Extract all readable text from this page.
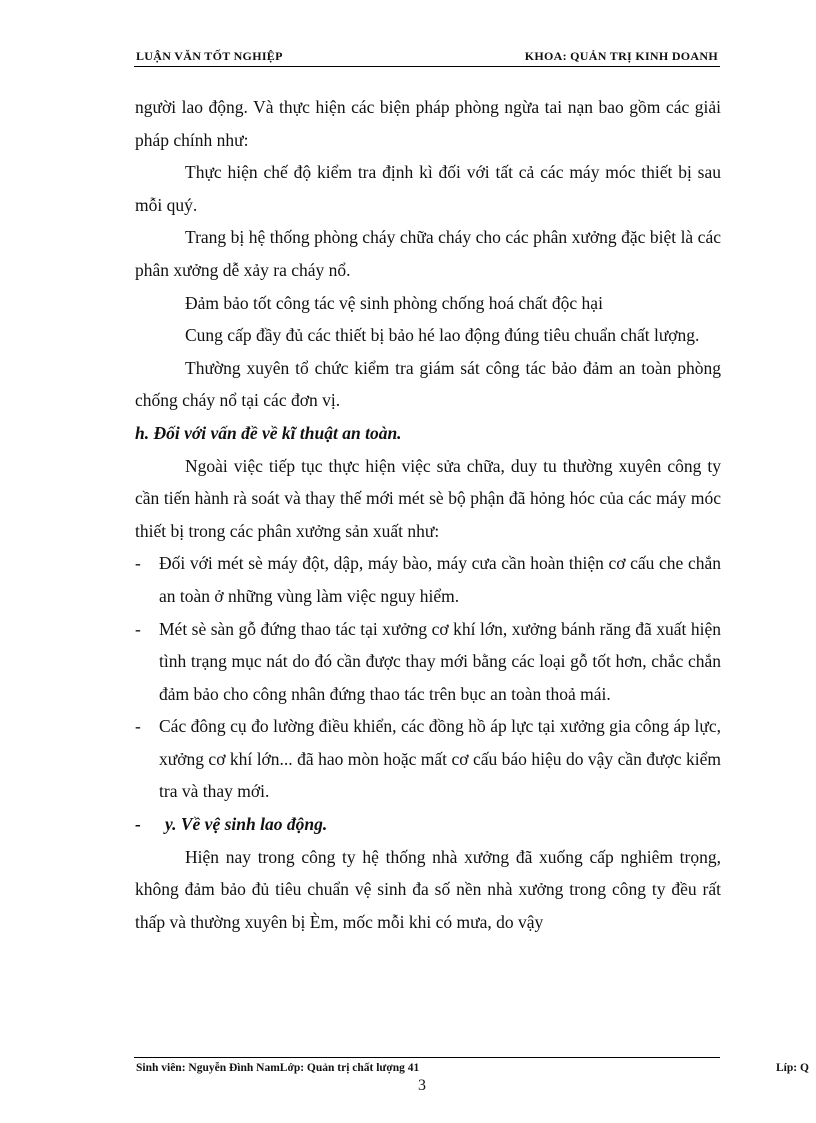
LUẬN VĂN TỐT NGHIỆP	KHOA: QUẢN TRỊ KINH DOANH

người lao động. Và thực hiện các biện pháp phòng ngừa tai nạn bao gồm các giải pháp chính như:

Thực hiện chế độ kiểm tra định kì đối với tất cả các máy móc thiết bị sau mỗi quý.

Trang bị hệ thống phòng cháy chữa cháy cho các phân xưởng đặc biệt là các phân xưởng dễ xảy ra cháy nổ.

Đảm bảo tốt công tác vệ sinh phòng chống hoá chất độc hại

Cung cấp đầy đủ các thiết bị bảo hé lao động đúng tiêu chuẩn chất lượng.

Thường xuyên tổ chức kiểm tra giám sát công tác bảo đảm an toàn phòng chống cháy nổ tại các đơn vị.

h. Đối với vấn đề về kĩ thuật an toàn.

Ngoài việc tiếp tục thực hiện việc sửa chữa, duy tu thường xuyên công ty cần tiến hành rà soát và thay thế mới mét sè bộ phận đã hỏng hóc của các máy móc thiết bị trong các phân xưởng sản xuất như:

- Đối với mét sè máy đột, dập, máy bào, máy cưa cần hoàn thiện cơ cấu che chắn an toàn ở những vùng làm việc nguy hiểm.

- Mét sè sàn gỗ đứng thao tác tại xưởng cơ khí lớn, xưởng bánh răng đã xuất hiện tình trạng mục nát do đó cần được thay mới bằng các loại gỗ tốt hơn, chắc chắn đảm bảo cho công nhân đứng thao tác trên bục an toàn thoả mái.

- Các đông cụ đo lường điều khiển, các đồng hồ áp lực tại xưởng gia công áp lực, xưởng cơ khí lớn... đã hao mòn hoặc mất cơ cấu báo hiệu do vậy cần được kiểm tra và thay mới.

- y. Về vệ sinh lao động.

Hiện nay trong công ty hệ thống nhà xưởng đã xuống cấp nghiêm trọng, không đảm bảo đủ tiêu chuẩn vệ sinh đa số nền nhà xưởng trong công ty đều rất thấp và thường xuyên bị Èm, mốc mỗi khi có mưa, do vậy

Sinh viên: Nguyễn Đình NamLớp: Quản trị chất lượng 41	Líp: Q
3
